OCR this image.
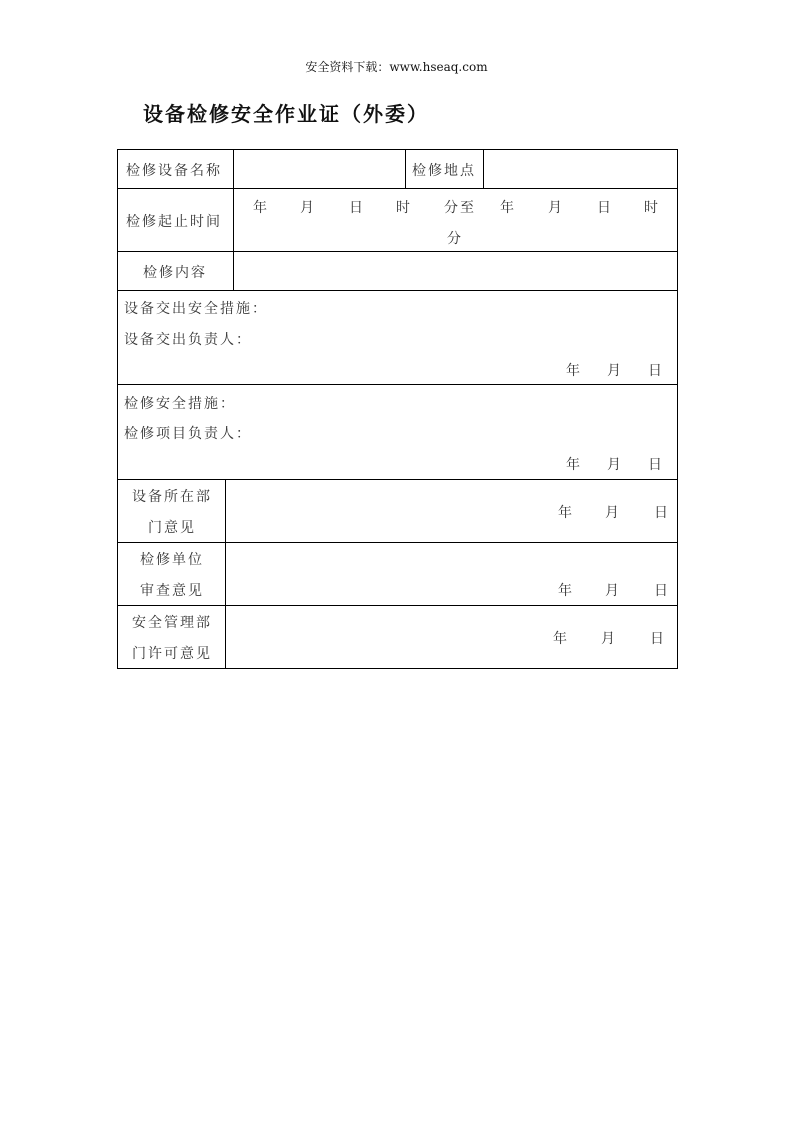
安全资料下载：www.hseaq.com
设备检修安全作业证（外委）
检修设备名称	检修地点
检修起止时间
年 月	日 时 分至 年 月	日 时
分
检修内容
设备交出安全措施：
设备交出负责人：
年 月 日
检修安全措施：
检修项目负责人：
年 月 日
设备所在部
门意见
年 月	日
检修单位
审查意见	年 月	日
安全管理部
门许可意见
年 月	日
